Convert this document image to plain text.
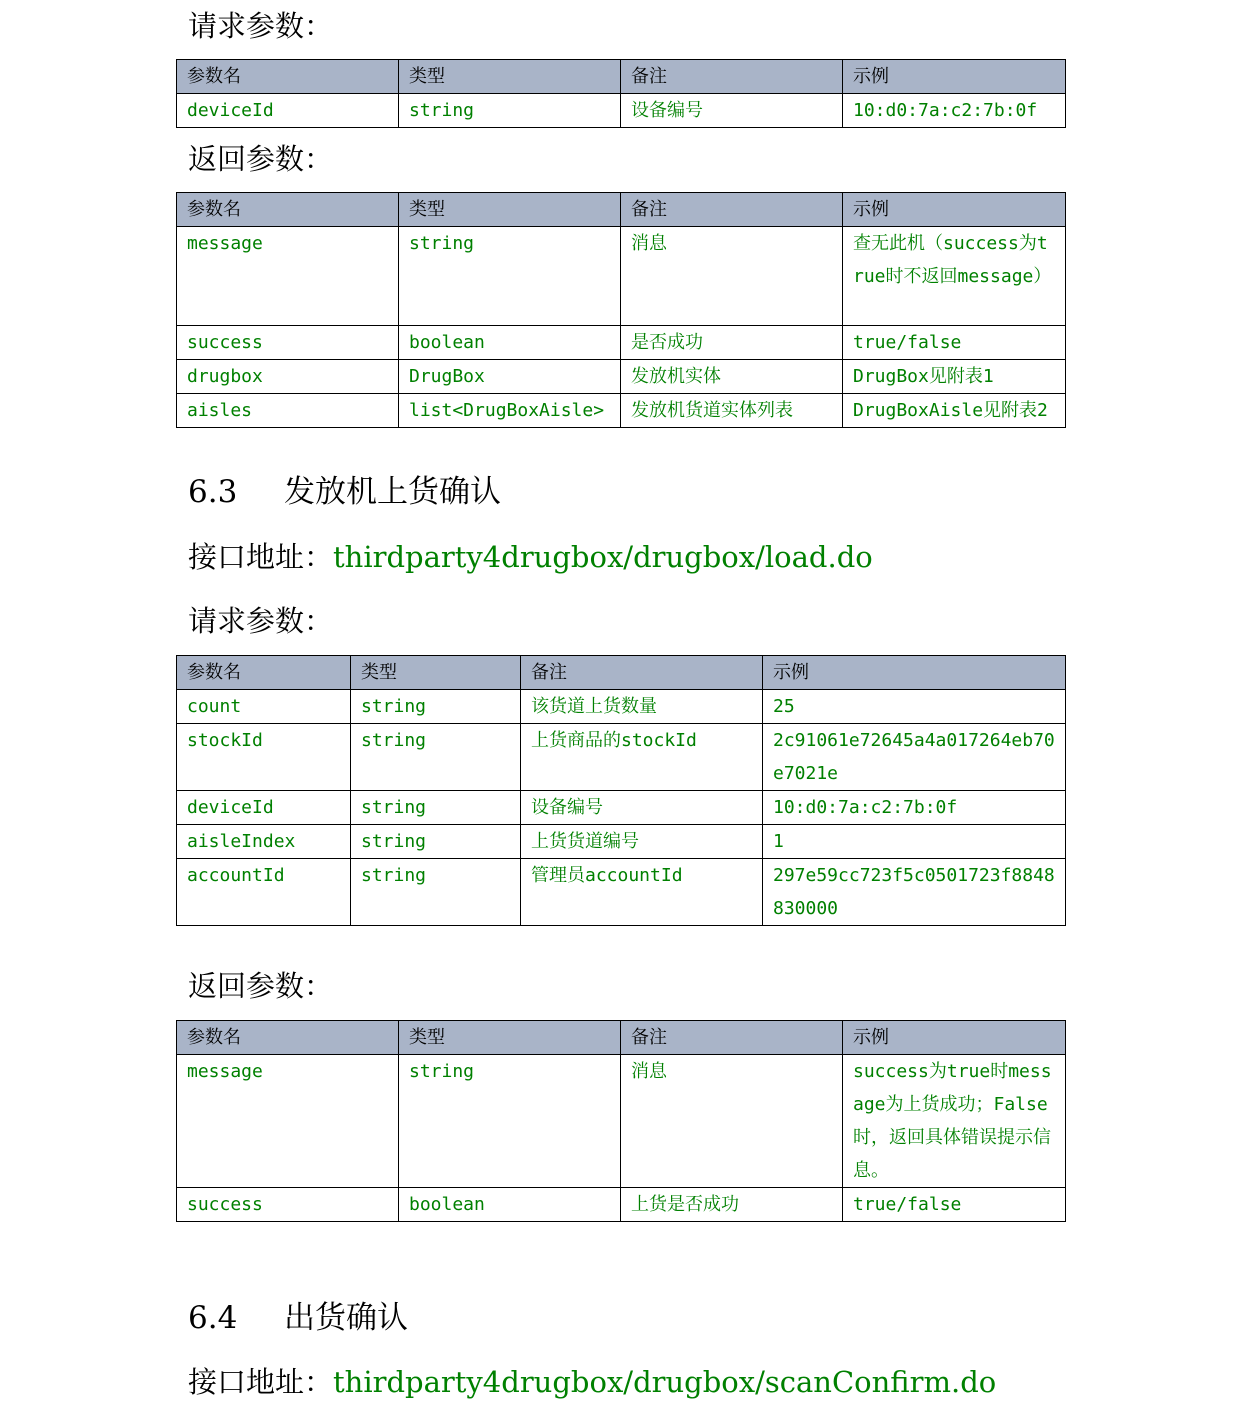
请求参数：
参数名	类型	备注	示例
deviceId	string	设备编号	10:d0:7a:c2:7b:0f
返回参数：
参数名	类型	备注	示例
message	string	消息	查无此机（success为true时不返回message）
success	boolean	是否成功	true/false
drugbox	DrugBox	发放机实体	DrugBox见附表1
aisles	list<DrugBoxAisle>	发放机货道实体列表	DrugBoxAisle见附表2
6.3 发放机上货确认
接口地址：thirdparty4drugbox/drugbox/load.do
请求参数：
参数名	类型	备注	示例
count	string	该货道上货数量	25
stockId	string	上货商品的stockId	2c91061e72645a4a017264eb70e7021e
deviceId	string	设备编号	10:d0:7a:c2:7b:0f
aisleIndex	string	上货货道编号	1
accountId	string	管理员accountId	297e59cc723f5c0501723f8848830000
返回参数：
参数名	类型	备注	示例
message	string	消息	success为true时message为上货成功；False时，返回具体错误提示信息。
success	boolean	上货是否成功	true/false
6.4 出货确认
接口地址：thirdparty4drugbox/drugbox/scanConfirm.do
